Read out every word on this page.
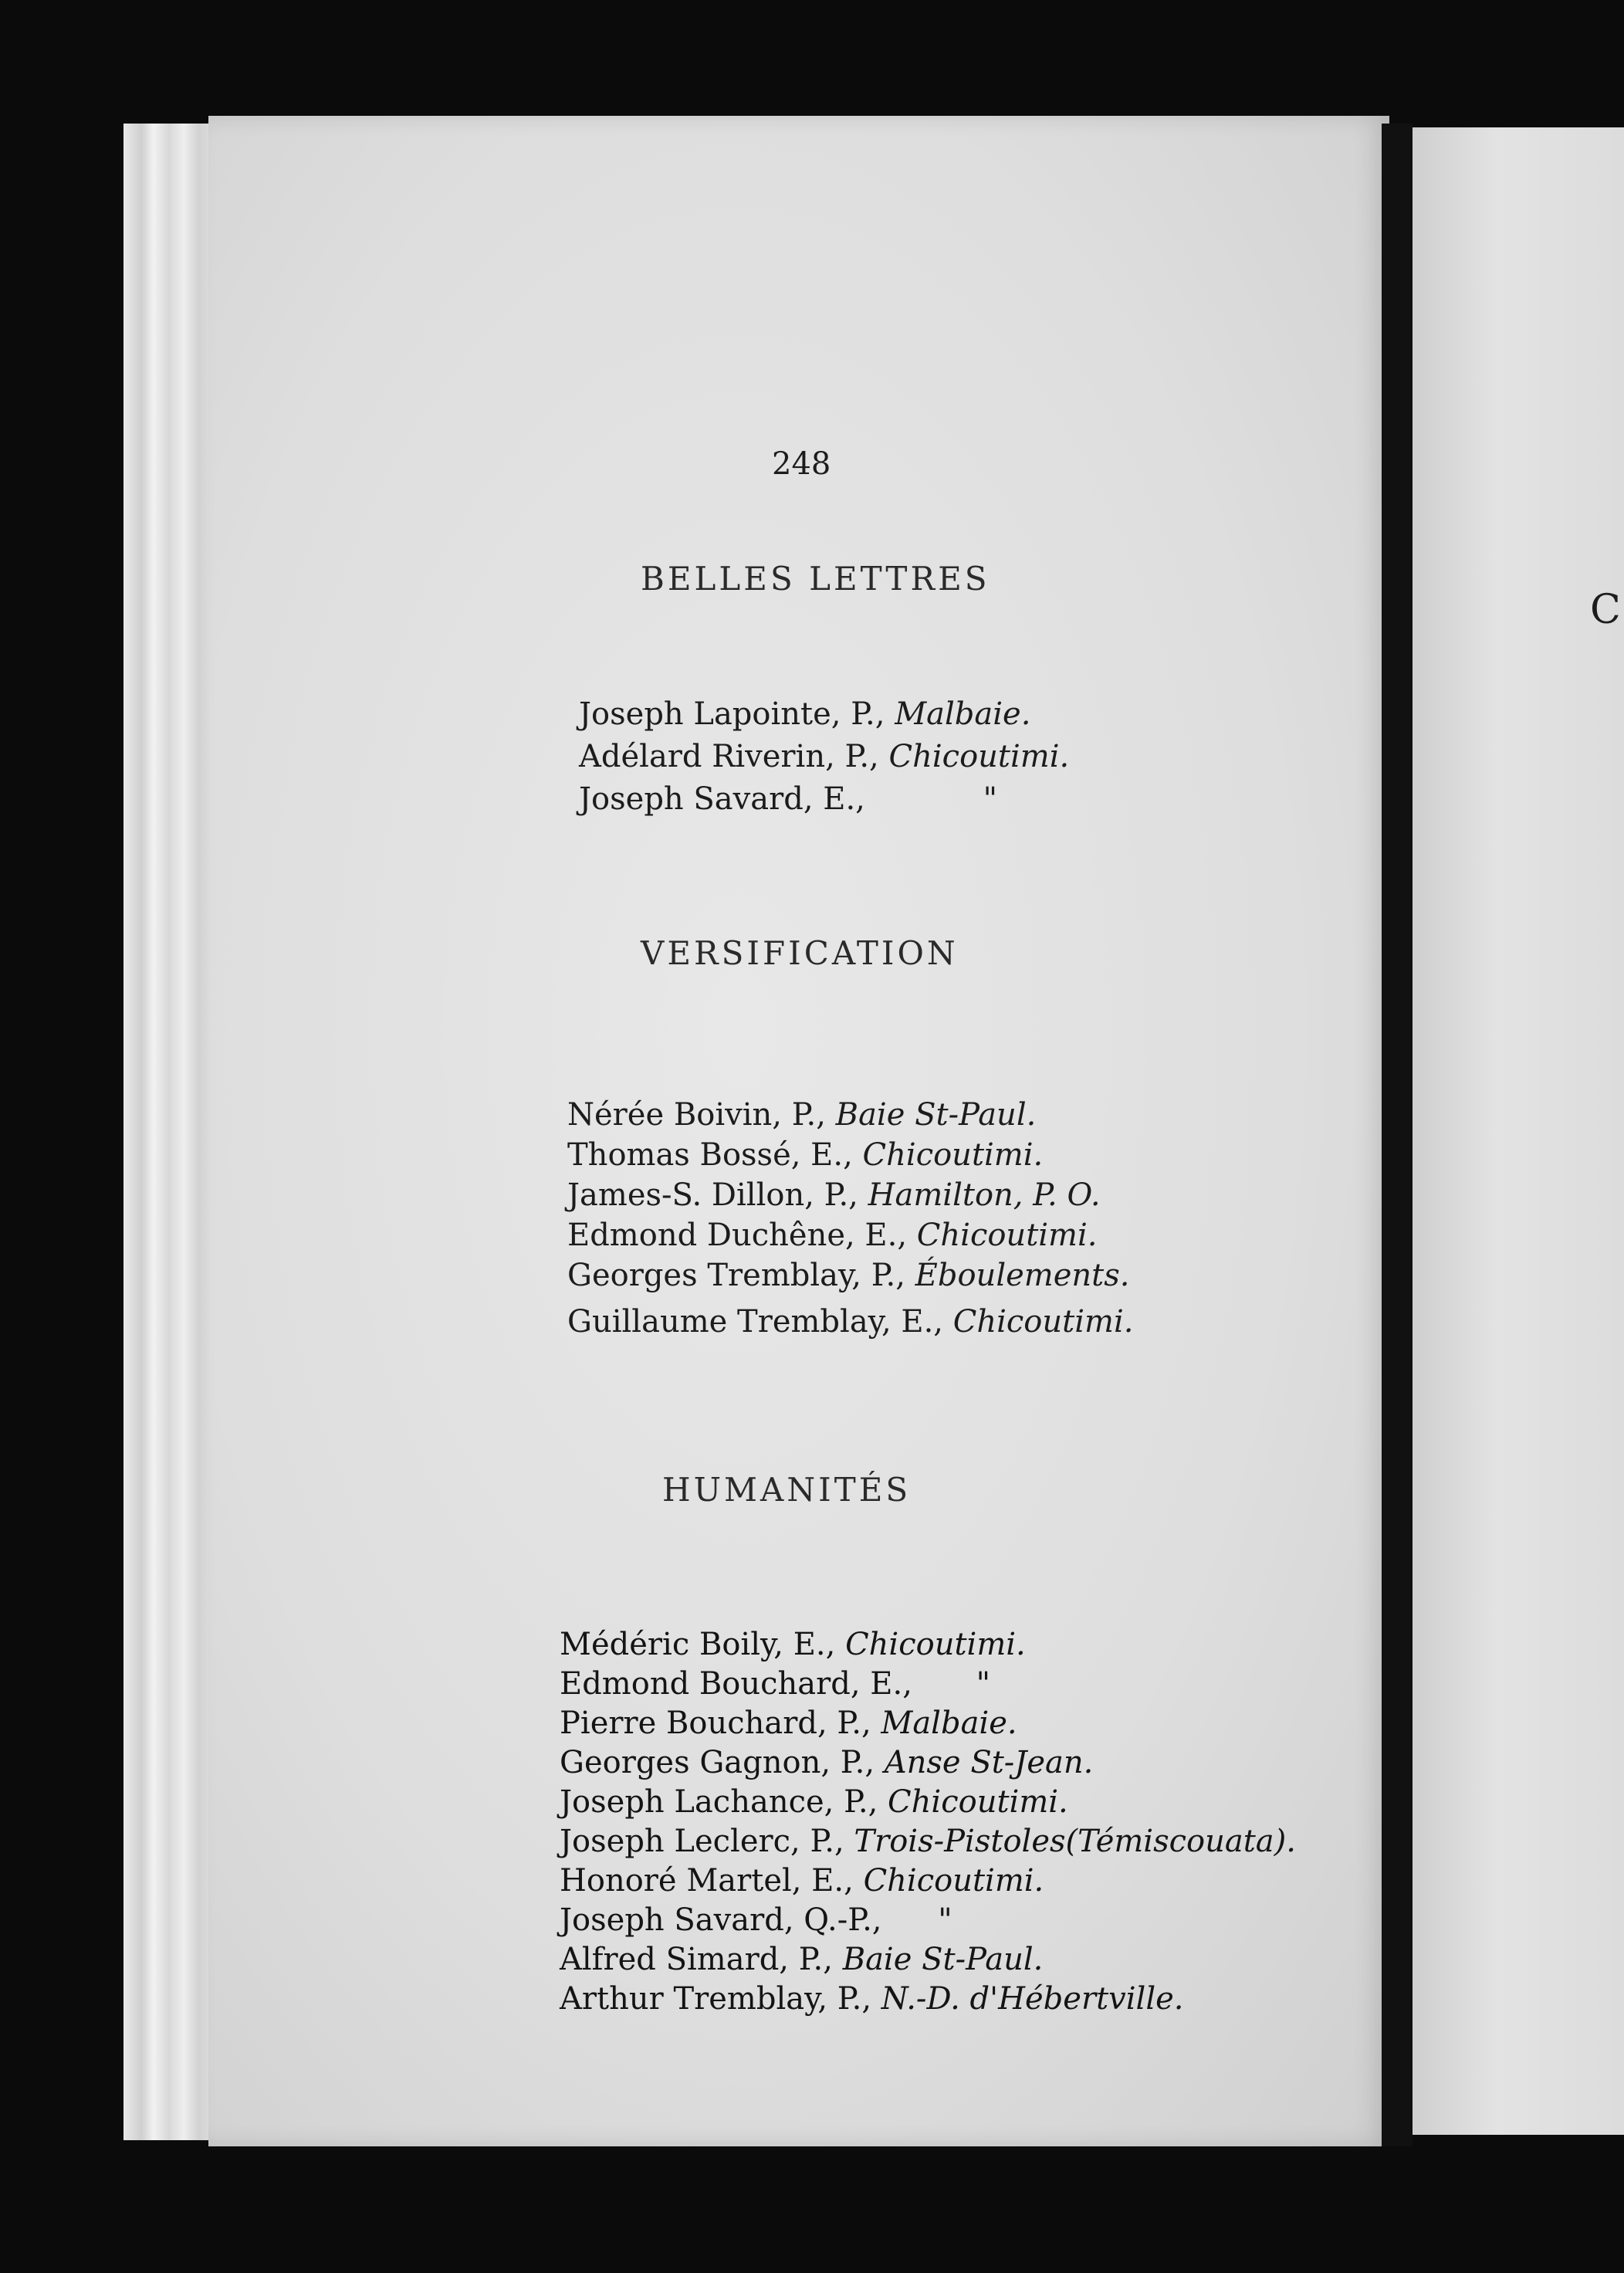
C
248
BELLES LETTRES
Joseph Lapointe, P., Malbaie.
Adélard Riverin, P., Chicoutimi.
Joseph Savard, E.,	"
VERSIFICATION
Nérée Boivin, P., Baie St-Paul.
Thomas Bossé, E., Chicoutimi.
James-S. Dillon, P., Hamilton, P. O.
Edmond Duchêne, E., Chicoutimi.
Georges Tremblay, P., Éboulements.
Guillaume Tremblay, E., Chicoutimi.
HUMANITÉS
Médéric Boily, E., Chicoutimi.
Edmond Bouchard, E., "
Pierre Bouchard, P., Malbaie.
Georges Gagnon, P., Anse St-Jean.
Joseph Lachance, P., Chicoutimi.
Joseph Leclerc, P., Trois-Pistoles(Témiscouata).
Honoré Martel, E., Chicoutimi.
Joseph Savard, Q.-P., "
Alfred Simard, P., Baie St-Paul.
Arthur Tremblay, P., N.-D. d'Hébertville.
